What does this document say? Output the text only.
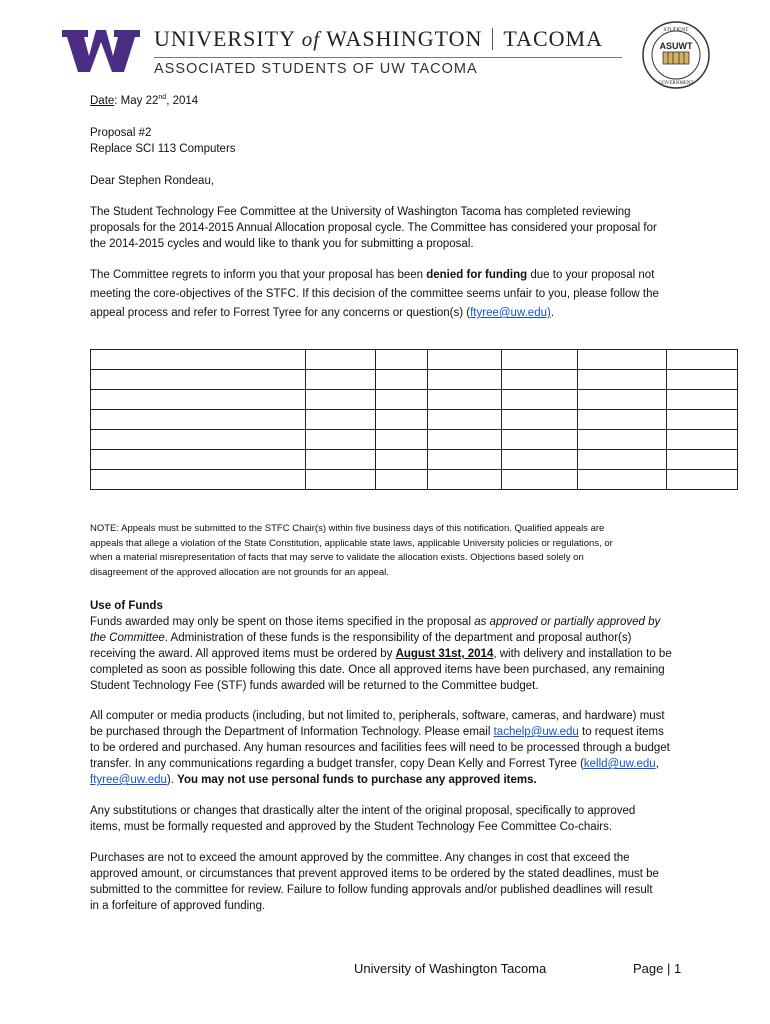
UNIVERSITY of WASHINGTON TACOMA
ASSOCIATED STUDENTS OF UW TACOMA
STUDENT
ASUWT
GOVERNMENT
Date: May 22nd, 2014
Proposal #2
Replace SCI 113 Computers
Dear Stephen Rondeau,
The Student Technology Fee Committee at the University of Washington Tacoma has completed reviewing
proposals for the 2014-2015 Annual Allocation proposal cycle. The Committee has considered your proposal for
the 2014-2015 cycles and would like to thank you for submitting a proposal.
The Committee regrets to inform you that your proposal has been denied for funding due to your proposal not
meeting the core-objectives of the STFC. If this decision of the committee seems unfair to you, please follow the
appeal process and refer to Forrest Tyree for any concerns or question(s) (ftyree@uw.edu).

NOTE: Appeals must be submitted to the STFC Chair(s) within five business days of this notification. Qualified appeals are
appeals that allege a violation of the State Constitution, applicable state laws, applicable University policies or regulations, or
when a material misrepresentation of facts that may serve to validate the allocation exists. Objections based solely on
disagreement of the approved allocation are not grounds for an appeal.
Use of Funds
Funds awarded may only be spent on those items specified in the proposal as approved or partially approved by
the Committee. Administration of these funds is the responsibility of the department and proposal author(s)
receiving the award. All approved items must be ordered by August 31st, 2014, with delivery and installation to be
completed as soon as possible following this date. Once all approved items have been purchased, any remaining
Student Technology Fee (STF) funds awarded will be returned to the Committee budget.
All computer or media products (including, but not limited to, peripherals, software, cameras, and hardware) must
be purchased through the Department of Information Technology. Please email tachelp@uw.edu to request items
to be ordered and purchased. Any human resources and facilities fees will need to be processed through a budget
transfer. In any communications regarding a budget transfer, copy Dean Kelly and Forrest Tyree (kelld@uw.edu,
ftyree@uw.edu). You may not use personal funds to purchase any approved items.
Any substitutions or changes that drastically alter the intent of the original proposal, specifically to approved
items, must be formally requested and approved by the Student Technology Fee Committee Co-chairs.
Purchases are not to exceed the amount approved by the committee. Any changes in cost that exceed the
approved amount, or circumstances that prevent approved items to be ordered by the stated deadlines, must be
submitted to the committee for review. Failure to follow funding approvals and/or published deadlines will result
in a forfeiture of approved funding.
University of Washington Tacoma	Page | 1
